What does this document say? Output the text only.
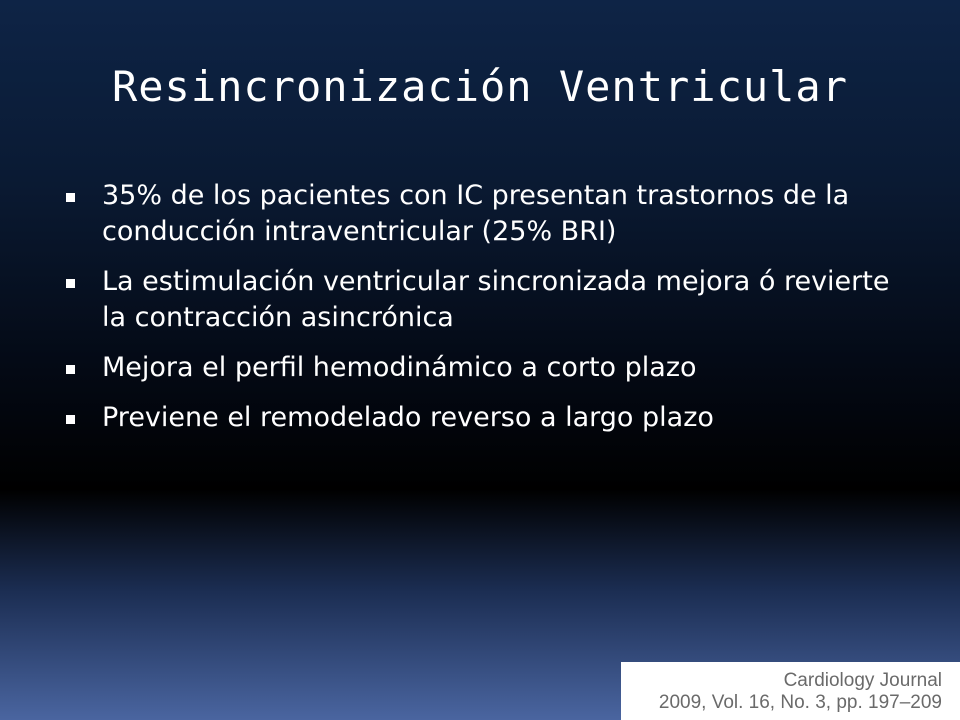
Resincronización Ventricular
35% de los pacientes con IC presentan trastornos de la conducción intraventricular (25% BRI)
La estimulación ventricular sincronizada mejora ó revierte la contracción asincrónica
Mejora el perfil hemodinámico a corto plazo
Previene el remodelado reverso a largo plazo
Cardiology Journal
2009, Vol. 16, No. 3, pp. 197–209
